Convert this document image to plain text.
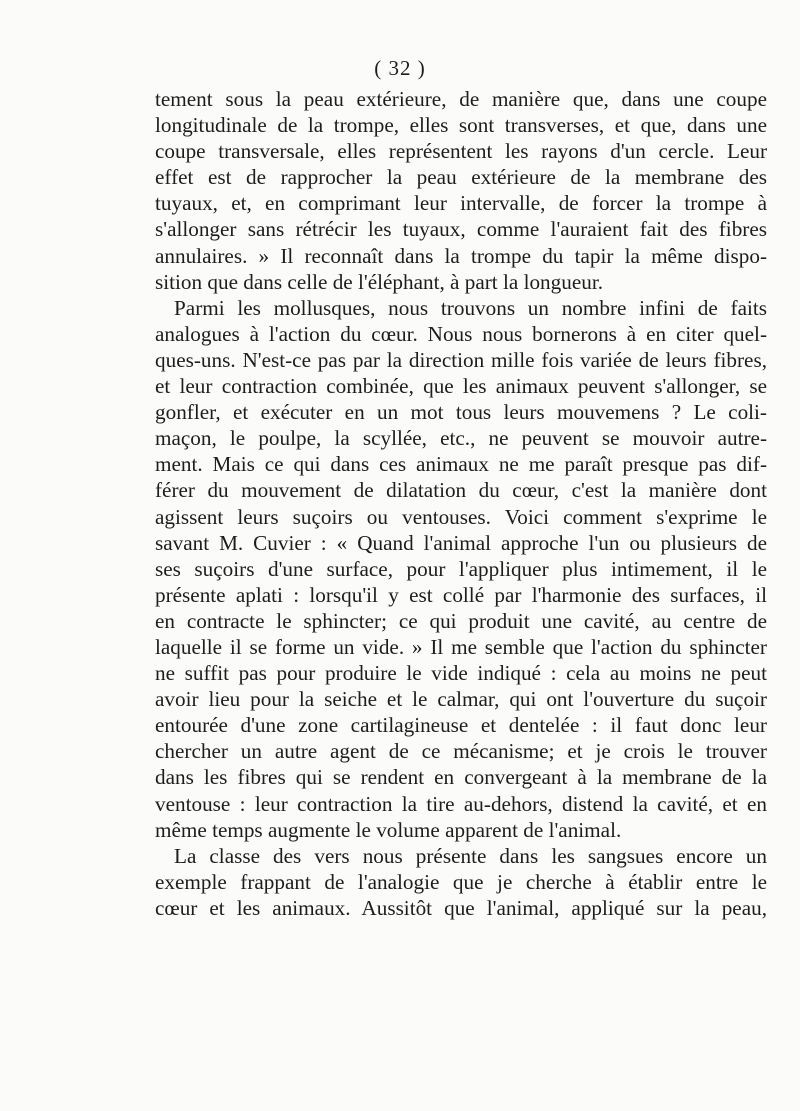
( 32 )
tement sous la peau extérieure, de manière que, dans une coupe
longitudinale de la trompe, elles sont transverses, et que, dans une
coupe transversale, elles représentent les rayons d'un cercle. Leur
effet est de rapprocher la peau extérieure de la membrane des
tuyaux, et, en comprimant leur intervalle, de forcer la trompe à
s'allonger sans rétrécir les tuyaux, comme l'auraient fait des fibres
annulaires. » Il reconnaît dans la trompe du tapir la même dispo-
sition que dans celle de l'éléphant, à part la longueur.
Parmi les mollusques, nous trouvons un nombre infini de faits
analogues à l'action du cœur. Nous nous bornerons à en citer quel-
ques-uns. N'est-ce pas par la direction mille fois variée de leurs fibres,
et leur contraction combinée, que les animaux peuvent s'allonger, se
gonfler, et exécuter en un mot tous leurs mouvemens ? Le coli-
maçon, le poulpe, la scyllée, etc., ne peuvent se mouvoir autre-
ment. Mais ce qui dans ces animaux ne me paraît presque pas dif-
férer du mouvement de dilatation du cœur, c'est la manière dont
agissent leurs suçoirs ou ventouses. Voici comment s'exprime le
savant M. Cuvier : « Quand l'animal approche l'un ou plusieurs de
ses suçoirs d'une surface, pour l'appliquer plus intimement, il le
présente aplati : lorsqu'il y est collé par l'harmonie des surfaces, il
en contracte le sphincter; ce qui produit une cavité, au centre de
laquelle il se forme un vide. » Il me semble que l'action du sphincter
ne suffit pas pour produire le vide indiqué : cela au moins ne peut
avoir lieu pour la seiche et le calmar, qui ont l'ouverture du suçoir
entourée d'une zone cartilagineuse et dentelée : il faut donc leur
chercher un autre agent de ce mécanisme; et je crois le trouver
dans les fibres qui se rendent en convergeant à la membrane de la
ventouse : leur contraction la tire au-dehors, distend la cavité, et en
même temps augmente le volume apparent de l'animal.
La classe des vers nous présente dans les sangsues encore un
exemple frappant de l'analogie que je cherche à établir entre le
cœur et les animaux. Aussitôt que l'animal, appliqué sur la peau,
